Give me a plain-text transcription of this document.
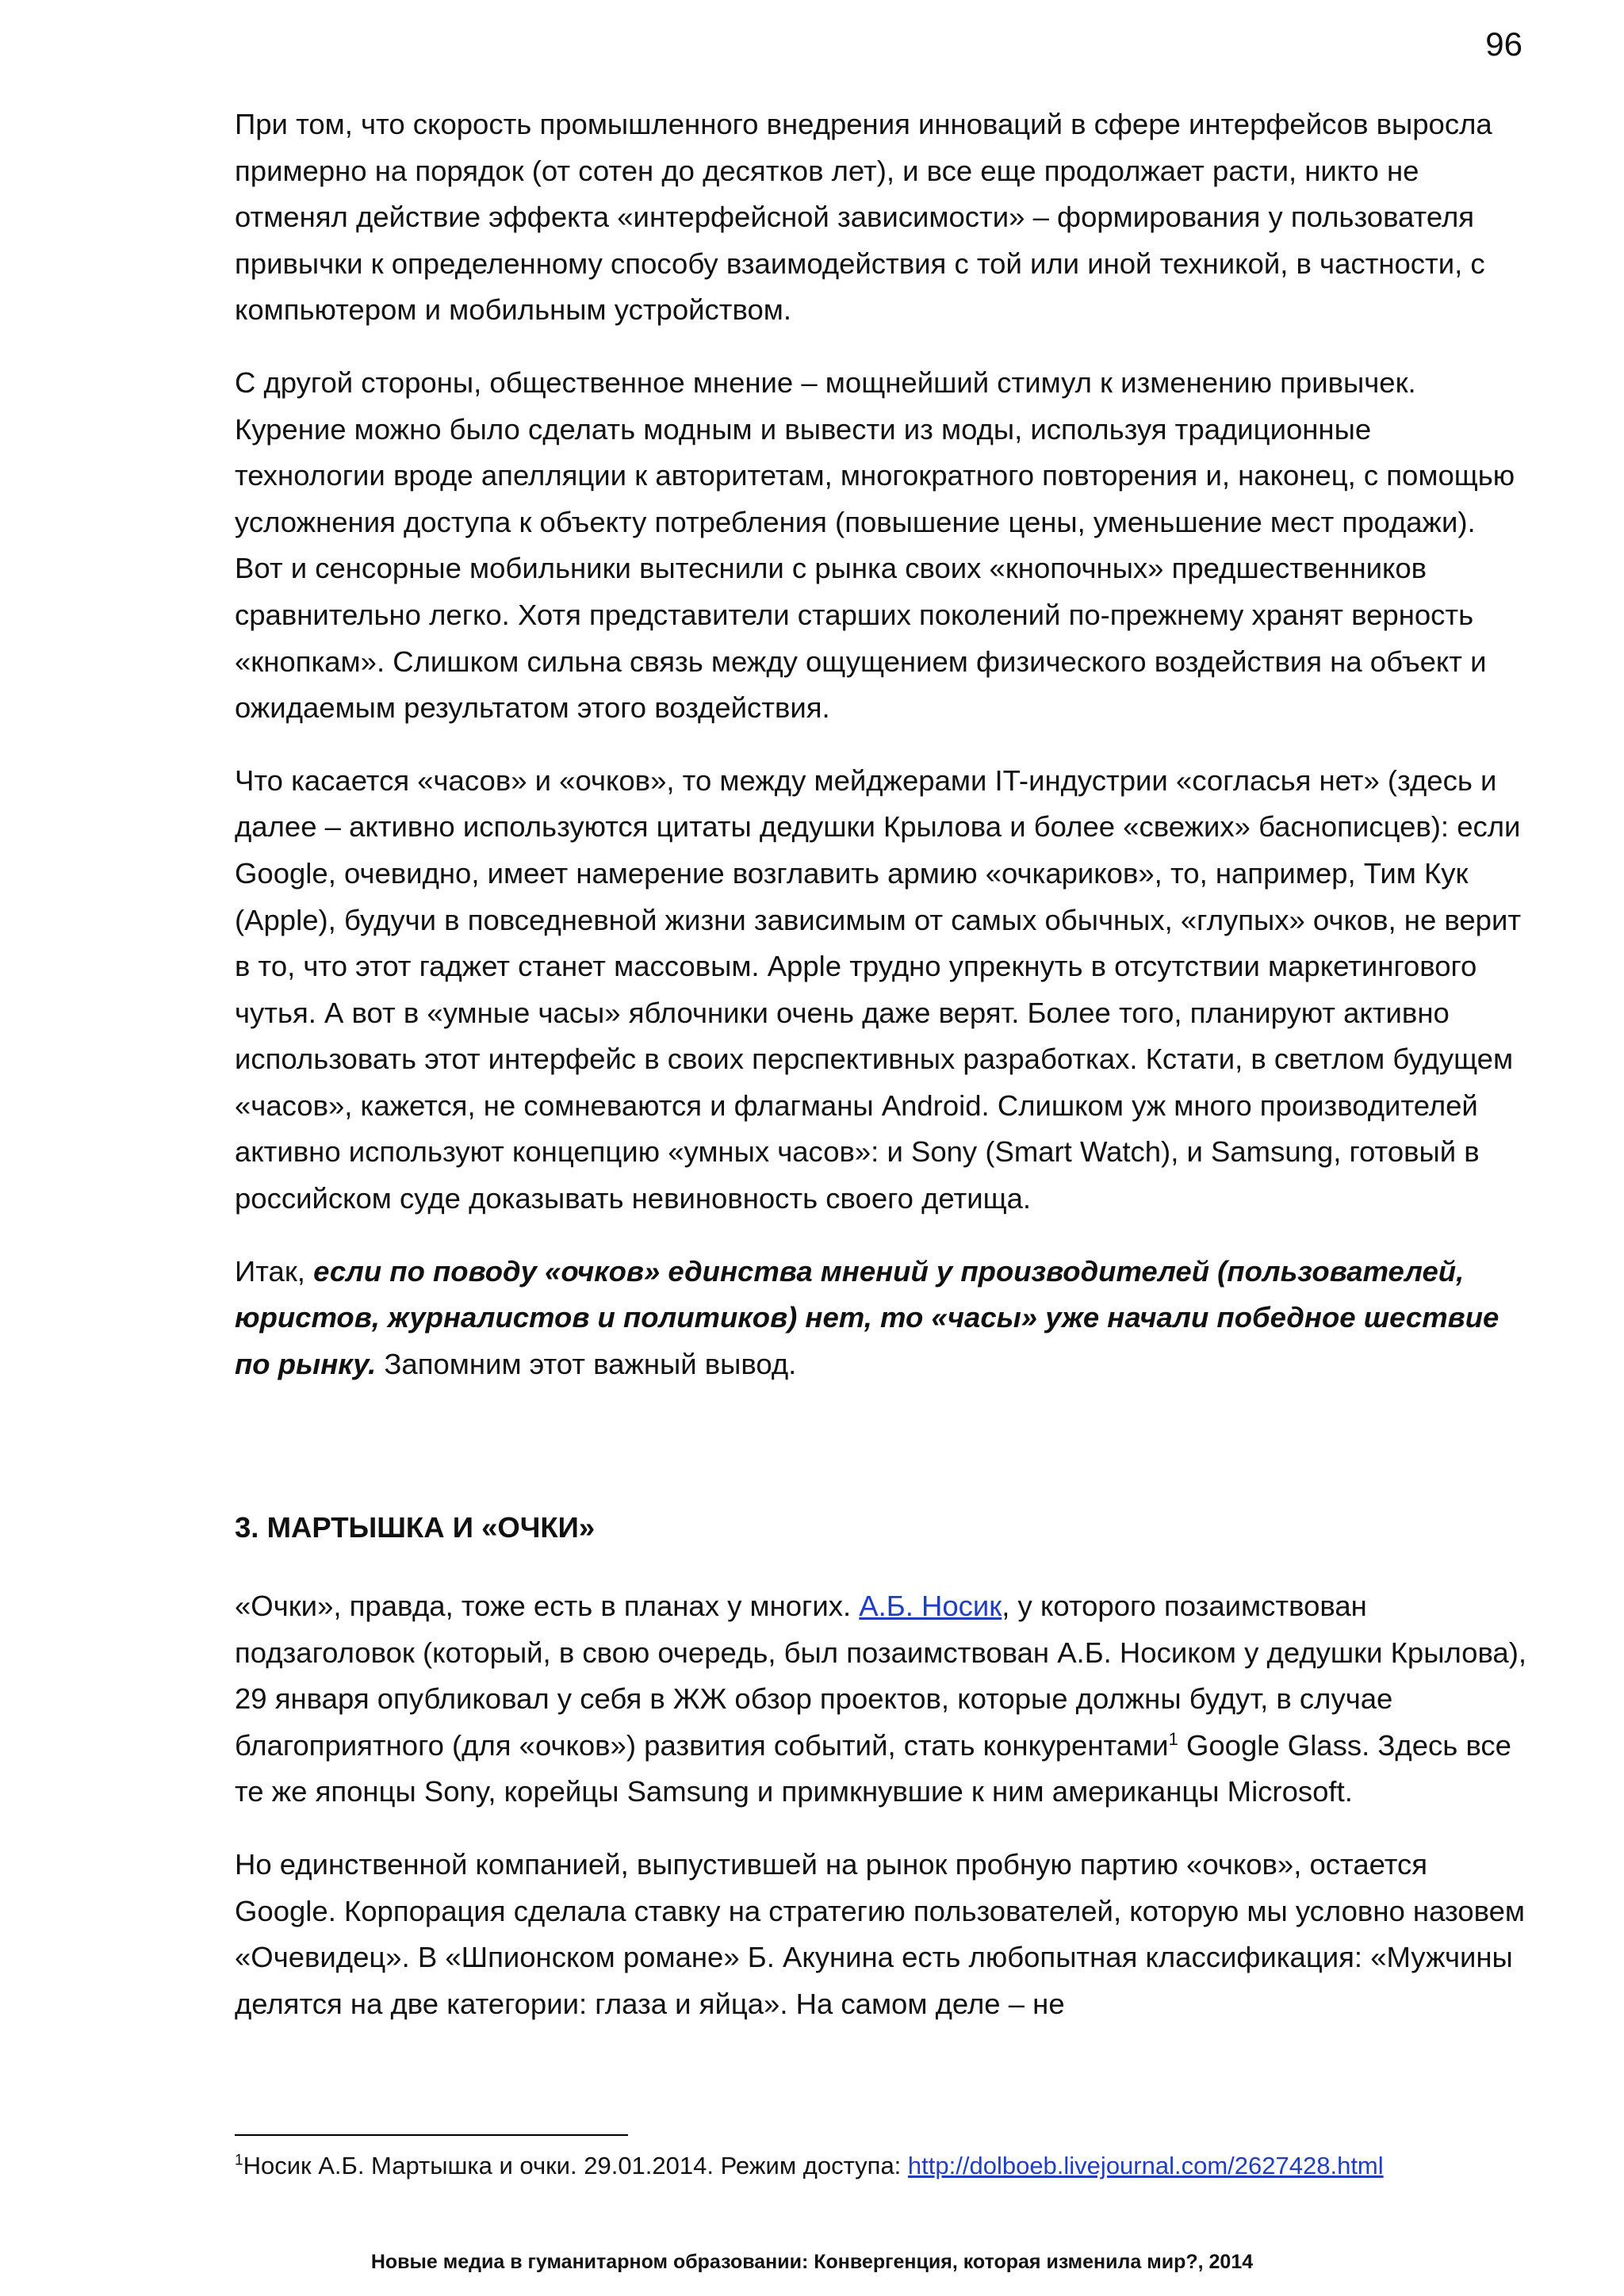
96

При том, что скорость промышленного внедрения инноваций в сфере интерфейсов выросла примерно на порядок (от сотен до десятков лет), и все еще продолжает расти, никто не отменял действие эффекта «интерфейсной зависимости» – формирования у пользователя привычки к определенному способу взаимодействия с той или иной техникой, в частности, с компьютером и мобильным устройством.

С другой стороны, общественное мнение – мощнейший стимул к изменению привычек. Курение можно было сделать модным и вывести из моды, используя традиционные технологии вроде апелляции к авторитетам, многократного повторения и, наконец, с помощью усложнения доступа к объекту потребления (повышение цены, уменьшение мест продажи). Вот и сенсорные мобильники вытеснили с рынка своих «кнопочных» предшественников сравнительно легко. Хотя представители старших поколений по-прежнему хранят верность «кнопкам». Слишком сильна связь между ощущением физического воздействия на объект и ожидаемым результатом этого воздействия.

Что касается «часов» и «очков», то между мейджерами IT-индустрии «согласья нет» (здесь и далее – активно используются цитаты дедушки Крылова и более «свежих» баснописцев): если Google, очевидно, имеет намерение возглавить армию «очкариков», то, например, Тим Кук (Apple), будучи в повседневной жизни зависимым от самых обычных, «глупых» очков, не верит в то, что этот гаджет станет массовым. Apple трудно упрекнуть в отсутствии маркетингового чутья. А вот в «умные часы» яблочники очень даже верят. Более того, планируют активно использовать этот интерфейс в своих перспективных разработках. Кстати, в светлом будущем «часов», кажется, не сомневаются и флагманы Android. Слишком уж много производителей активно используют концепцию «умных часов»: и Sony (Smart Watch), и Samsung, готовый в российском суде доказывать невиновность своего детища.

Итак, если по поводу «очков» единства мнений у производителей (пользователей, юристов, журналистов и политиков) нет, то «часы» уже начали победное шествие по рынку. Запомним этот важный вывод.

3. МАРТЫШКА И «ОЧКИ»

«Очки», правда, тоже есть в планах у многих. А.Б. Носик, у которого позаимствован подзаголовок (который, в свою очередь, был позаимствован А.Б. Носиком у дедушки Крылова), 29 января опубликовал у себя в ЖЖ обзор проектов, которые должны будут, в случае благоприятного (для «очков») развития событий, стать конкурентами$^1$ Google Glass. Здесь все те же японцы Sony, корейцы Samsung и примкнувшие к ним американцы Microsoft.

Но единственной компанией, выпустившей на рынок пробную партию «очков», остается Google. Корпорация сделала ставку на стратегию пользователей, которую мы условно назовем «Очевидец». В «Шпионском романе» Б. Акунина есть любопытная классификация: «Мужчины делятся на две категории: глаза и яйца». На самом деле – не

$^1$Носик А.Б. Мартышка и очки. 29.01.2014. Режим доступа: http://dolboeb.livejournal.com/2627428.html
Новые медиа в гуманитарном образовании: Конвергенция, которая изменила мир?, 2014
